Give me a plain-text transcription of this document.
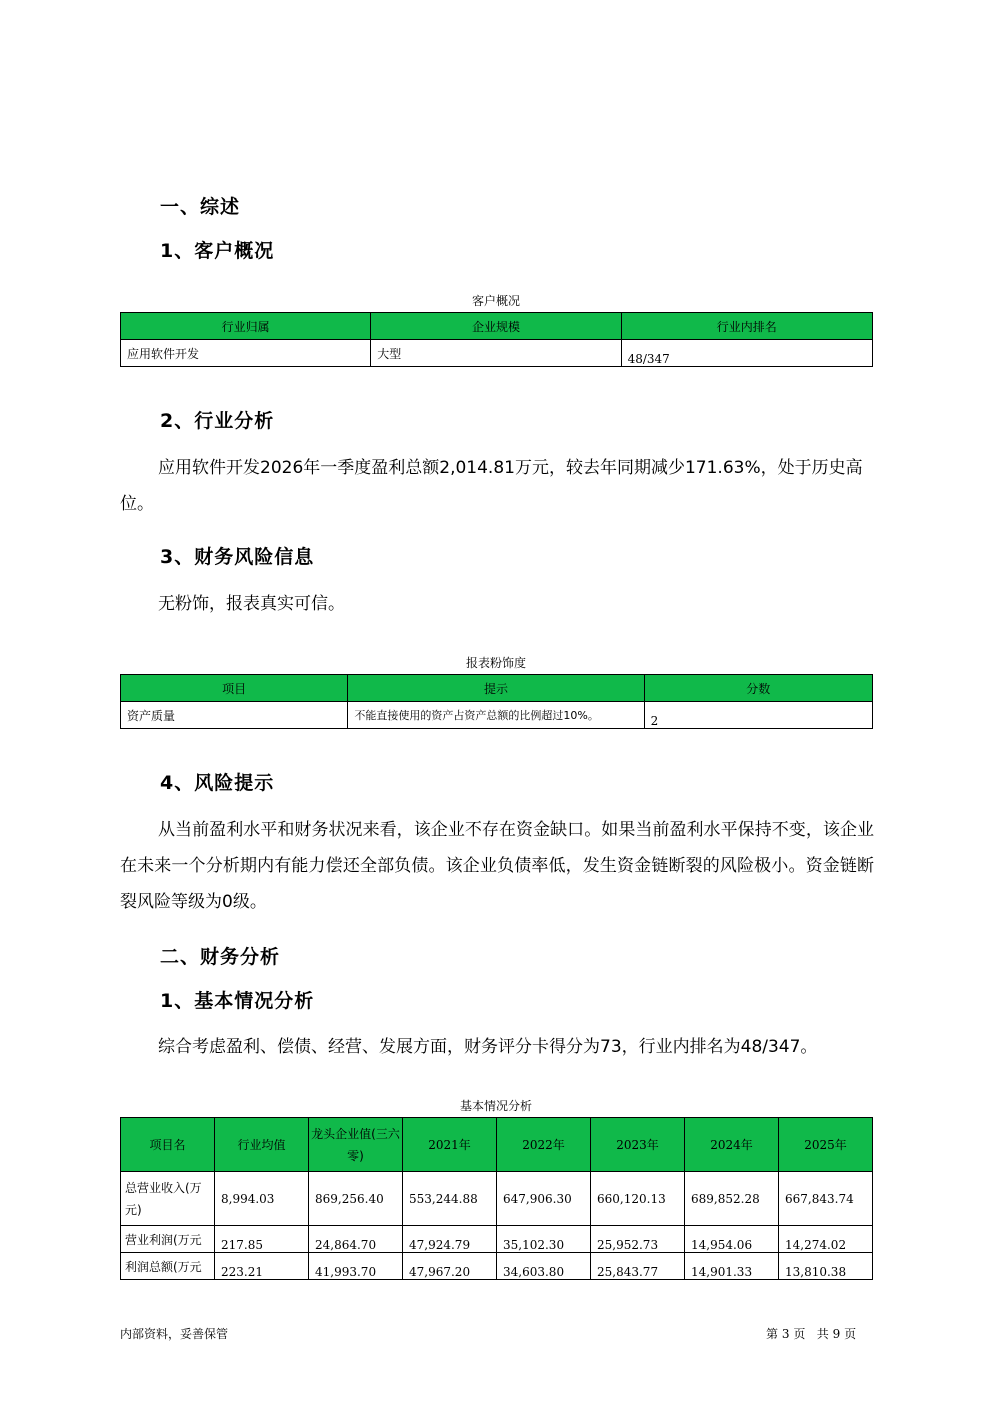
一、综述
1、客户概况
客户概况
行业归属	企业规模	行业内排名
应用软件开发	大型	48/347
2、行业分析
应用软件开发2026年一季度盈利总额2,014.81万元，较去年同期减少171.63%，处于历史高位。
3、财务风险信息
无粉饰，报表真实可信。
报表粉饰度
项目	提示	分数
资产质量	不能直接使用的资产占资产总额的比例超过10%。	2
4、风险提示
从当前盈利水平和财务状况来看，该企业不存在资金缺口。如果当前盈利水平保持不变，该企业在未来一个分析期内有能力偿还全部负债。该企业负债率低，发生资金链断裂的风险极小。资金链断裂风险等级为0级。
二、财务分析
1、基本情况分析
综合考虑盈利、偿债、经营、发展方面，财务评分卡得分为73，行业内排名为48/347。
基本情况分析
项目名	行业均值	龙头企业值(三六零)	2021年	2022年	2023年	2024年	2025年
总营业收入(万元)	8,994.03	869,256.40	553,244.88	647,906.30	660,120.13	689,852.28	667,843.74
营业利润(万元	217.85	24,864.70	47,924.79	35,102.30	25,952.73	14,954.06	14,274.02
利润总额(万元	223.21	41,993.70	47,967.20	34,603.80	25,843.77	14,901.33	13,810.38
内部资料，妥善保管	第 3 页 共 9 页
